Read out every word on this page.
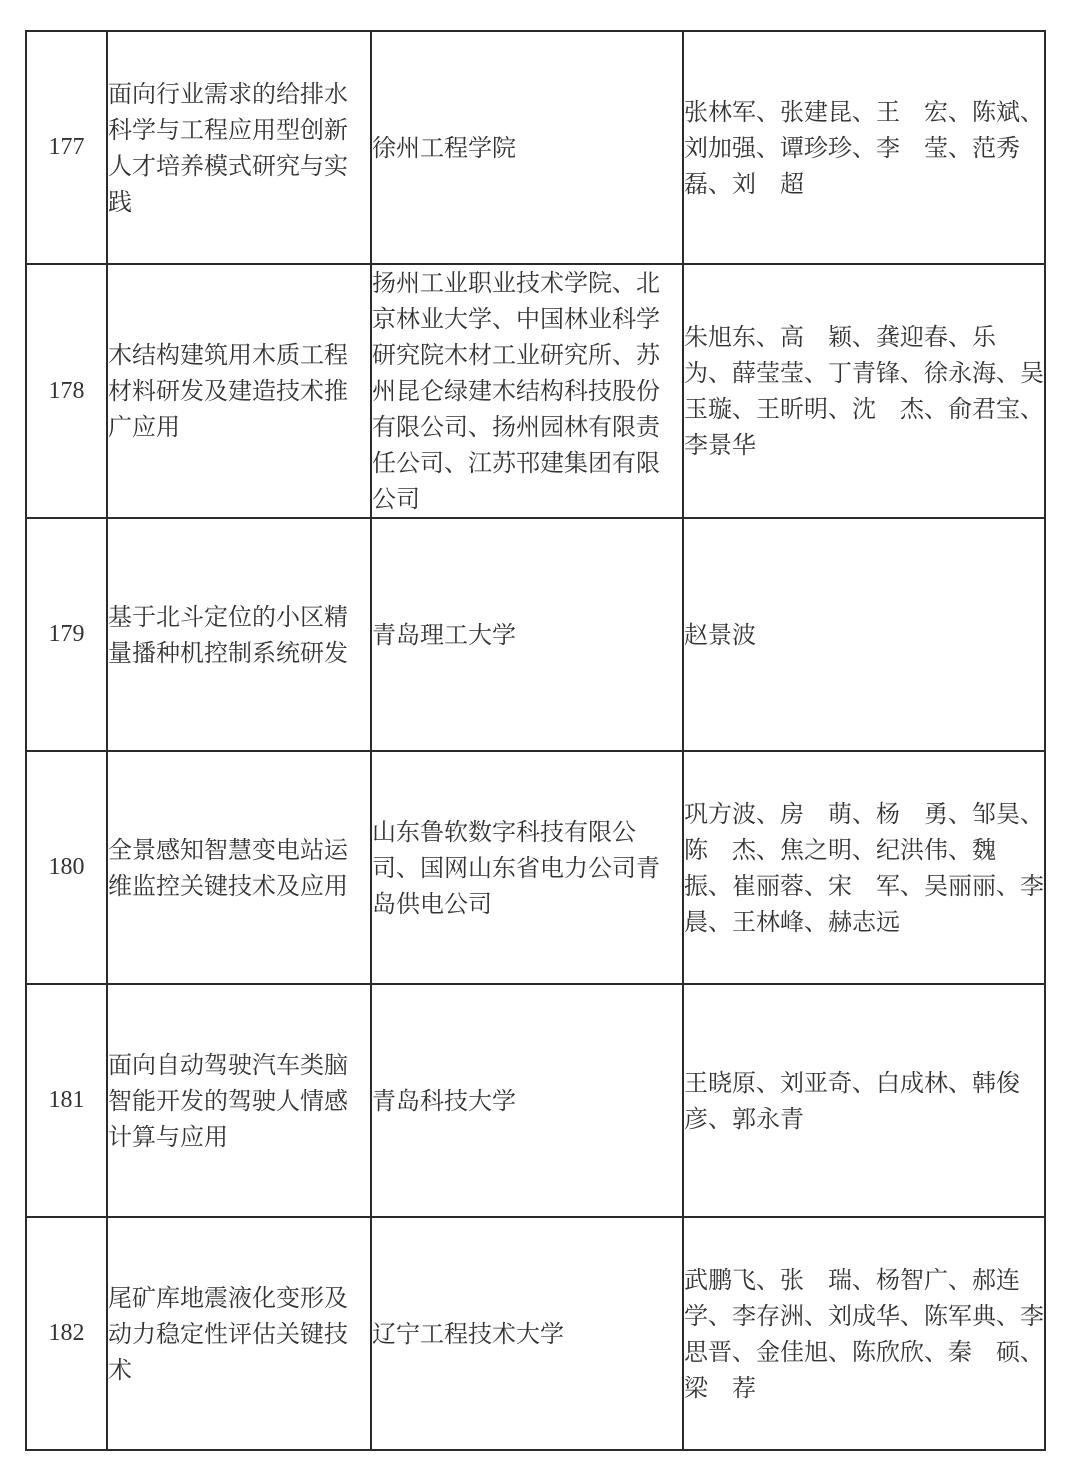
177	面向行业需求的给排水科学与工程应用型创新人才培养模式研究与实践	徐州工程学院	张林军、张建昆、王　宏、陈斌、刘加强、谭珍珍、李　莹、范秀磊、刘　超
178	木结构建筑用木质工程材料研发及建造技术推广应用	扬州工业职业技术学院、北京林业大学、中国林业科学研究院木材工业研究所、苏州昆仑绿建木结构科技股份有限公司、扬州园林有限责任公司、江苏邗建集团有限公司	朱旭东、高　颖、龚迎春、乐　为、薛莹莹、丁青锋、徐永海、吴玉璇、王昕明、沈　杰、俞君宝、李景华
179	基于北斗定位的小区精量播种机控制系统研发	青岛理工大学	赵景波
180	全景感知智慧变电站运维监控关键技术及应用	山东鲁软数字科技有限公司、国网山东省电力公司青岛供电公司	巩方波、房　萌、杨　勇、邹昊、陈　杰、焦之明、纪洪伟、魏　振、崔丽蓉、宋　军、吴丽丽、李　晨、王林峰、赫志远
181	面向自动驾驶汽车类脑智能开发的驾驶人情感计算与应用	青岛科技大学	王晓原、刘亚奇、白成林、韩俊彦、郭永青
182	尾矿库地震液化变形及动力稳定性评估关键技术	辽宁工程技术大学	武鹏飞、张　瑞、杨智广、郝连学、李存洲、刘成华、陈军典、李思晋、金佳旭、陈欣欣、秦　硕、梁　荐
